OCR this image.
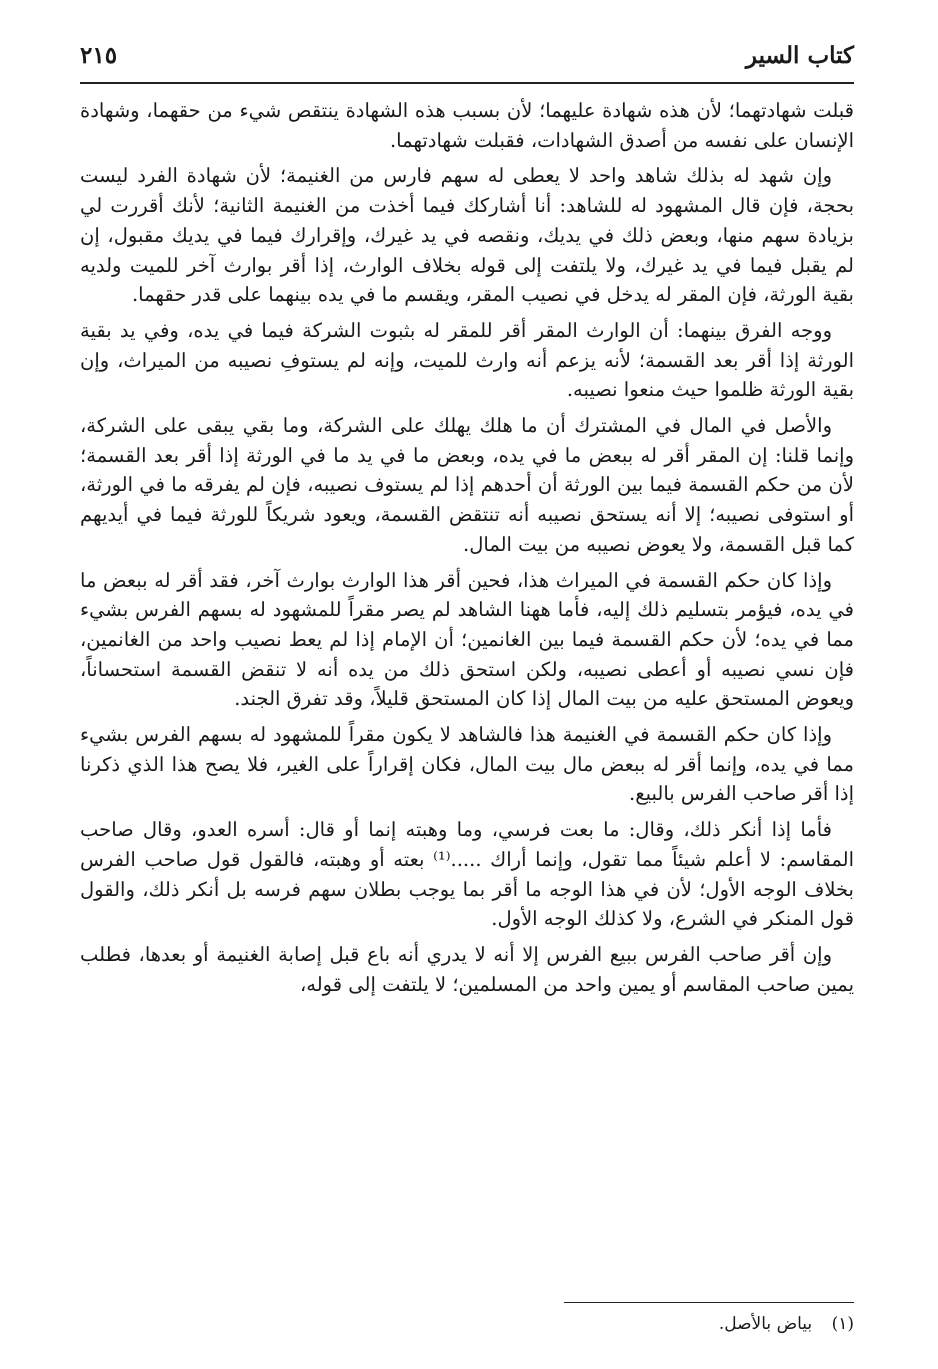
كتاب السير
٢١٥

قبلت شهادتهما؛ لأن هذه شهادة عليهما؛ لأن بسبب هذه الشهادة ينتقص شيء من حقهما، وشهادة الإنسان على نفسه من أصدق الشهادات، فقبلت شهادتهما.

وإن شهد له بذلك شاهد واحد لا يعطى له سهم فارس من الغنيمة؛ لأن شهادة الفرد ليست بحجة، فإن قال المشهود له للشاهد: أنا أشاركك فيما أخذت من الغنيمة الثانية؛ لأنك أقررت لي بزيادة سهم منها، وبعض ذلك في يديك، ونقصه في يد غيرك، وإقرارك فيما في يديك مقبول، إن لم يقبل فيما في يد غيرك، ولا يلتفت إلى قوله بخلاف الوارث، إذا أقر بوارث آخر للميت ولديه بقية الورثة، فإن المقر له يدخل في نصيب المقر، ويقسم ما في يده بينهما على قدر حقهما.

ووجه الفرق بينهما: أن الوارث المقر أقر للمقر له بثبوت الشركة فيما في يده، وفي يد بقية الورثة إذا أقر بعد القسمة؛ لأنه يزعم أنه وارث للميت، وإنه لم يستوفِ نصيبه من الميراث، وإن بقية الورثة ظلموا حيث منعوا نصيبه.

والأصل في المال في المشترك أن ما هلك يهلك على الشركة، وما بقي يبقى على الشركة، وإنما قلنا: إن المقر أقر له ببعض ما في يده، وبعض ما في يد ما في الورثة إذا أقر بعد القسمة؛ لأن من حكم القسمة فيما بين الورثة أن أحدهم إذا لم يستوف نصيبه، فإن لم يفرقه ما في الورثة، أو استوفى نصيبه؛ إلا أنه يستحق نصيبه أنه تنتقض القسمة، ويعود شريكاً للورثة فيما في أيديهم كما قبل القسمة، ولا يعوض نصيبه من بيت المال.

وإذا كان حكم القسمة في الميراث هذا، فحين أقر هذا الوارث بوارث آخر، فقد أقر له ببعض ما في يده، فيؤمر بتسليم ذلك إليه، فأما ههنا الشاهد لم يصر مقراً للمشهود له بسهم الفرس بشيء مما في يده؛ لأن حكم القسمة فيما بين الغانمين؛ أن الإمام إذا لم يعط نصيب واحد من الغانمين، فإن نسي نصيبه أو أعطى نصيبه، ولكن استحق ذلك من يده أنه لا تنقض القسمة استحساناً، ويعوض المستحق عليه من بيت المال إذا كان المستحق قليلاً، وقد تفرق الجند.

وإذا كان حكم القسمة في الغنيمة هذا فالشاهد لا يكون مقراً للمشهود له بسهم الفرس بشيء مما في يده، وإنما أقر له ببعض مال بيت المال، فكان إقراراً على الغير، فلا يصح هذا الذي ذكرنا إذا أقر صاحب الفرس بالبيع.

فأما إذا أنكر ذلك، وقال: ما بعت فرسي، وما وهبته إنما أو قال: أسره العدو، وقال صاحب المقاسم: لا أعلم شيئاً مما تقول، وإنما أراك .....⁽¹⁾ بعته أو وهبته، فالقول قول صاحب الفرس بخلاف الوجه الأول؛ لأن في هذا الوجه ما أقر بما يوجب بطلان سهم فرسه بل أنكر ذلك، والقول قول المنكر في الشرع، ولا كذلك الوجه الأول.

وإن أقر صاحب الفرس ببيع الفرس إلا أنه لا يدري أنه باع قبل إصابة الغنيمة أو بعدها، فطلب يمين صاحب المقاسم أو يمين واحد من المسلمين؛ لا يلتفت إلى قوله،

(١) بياض بالأصل.
